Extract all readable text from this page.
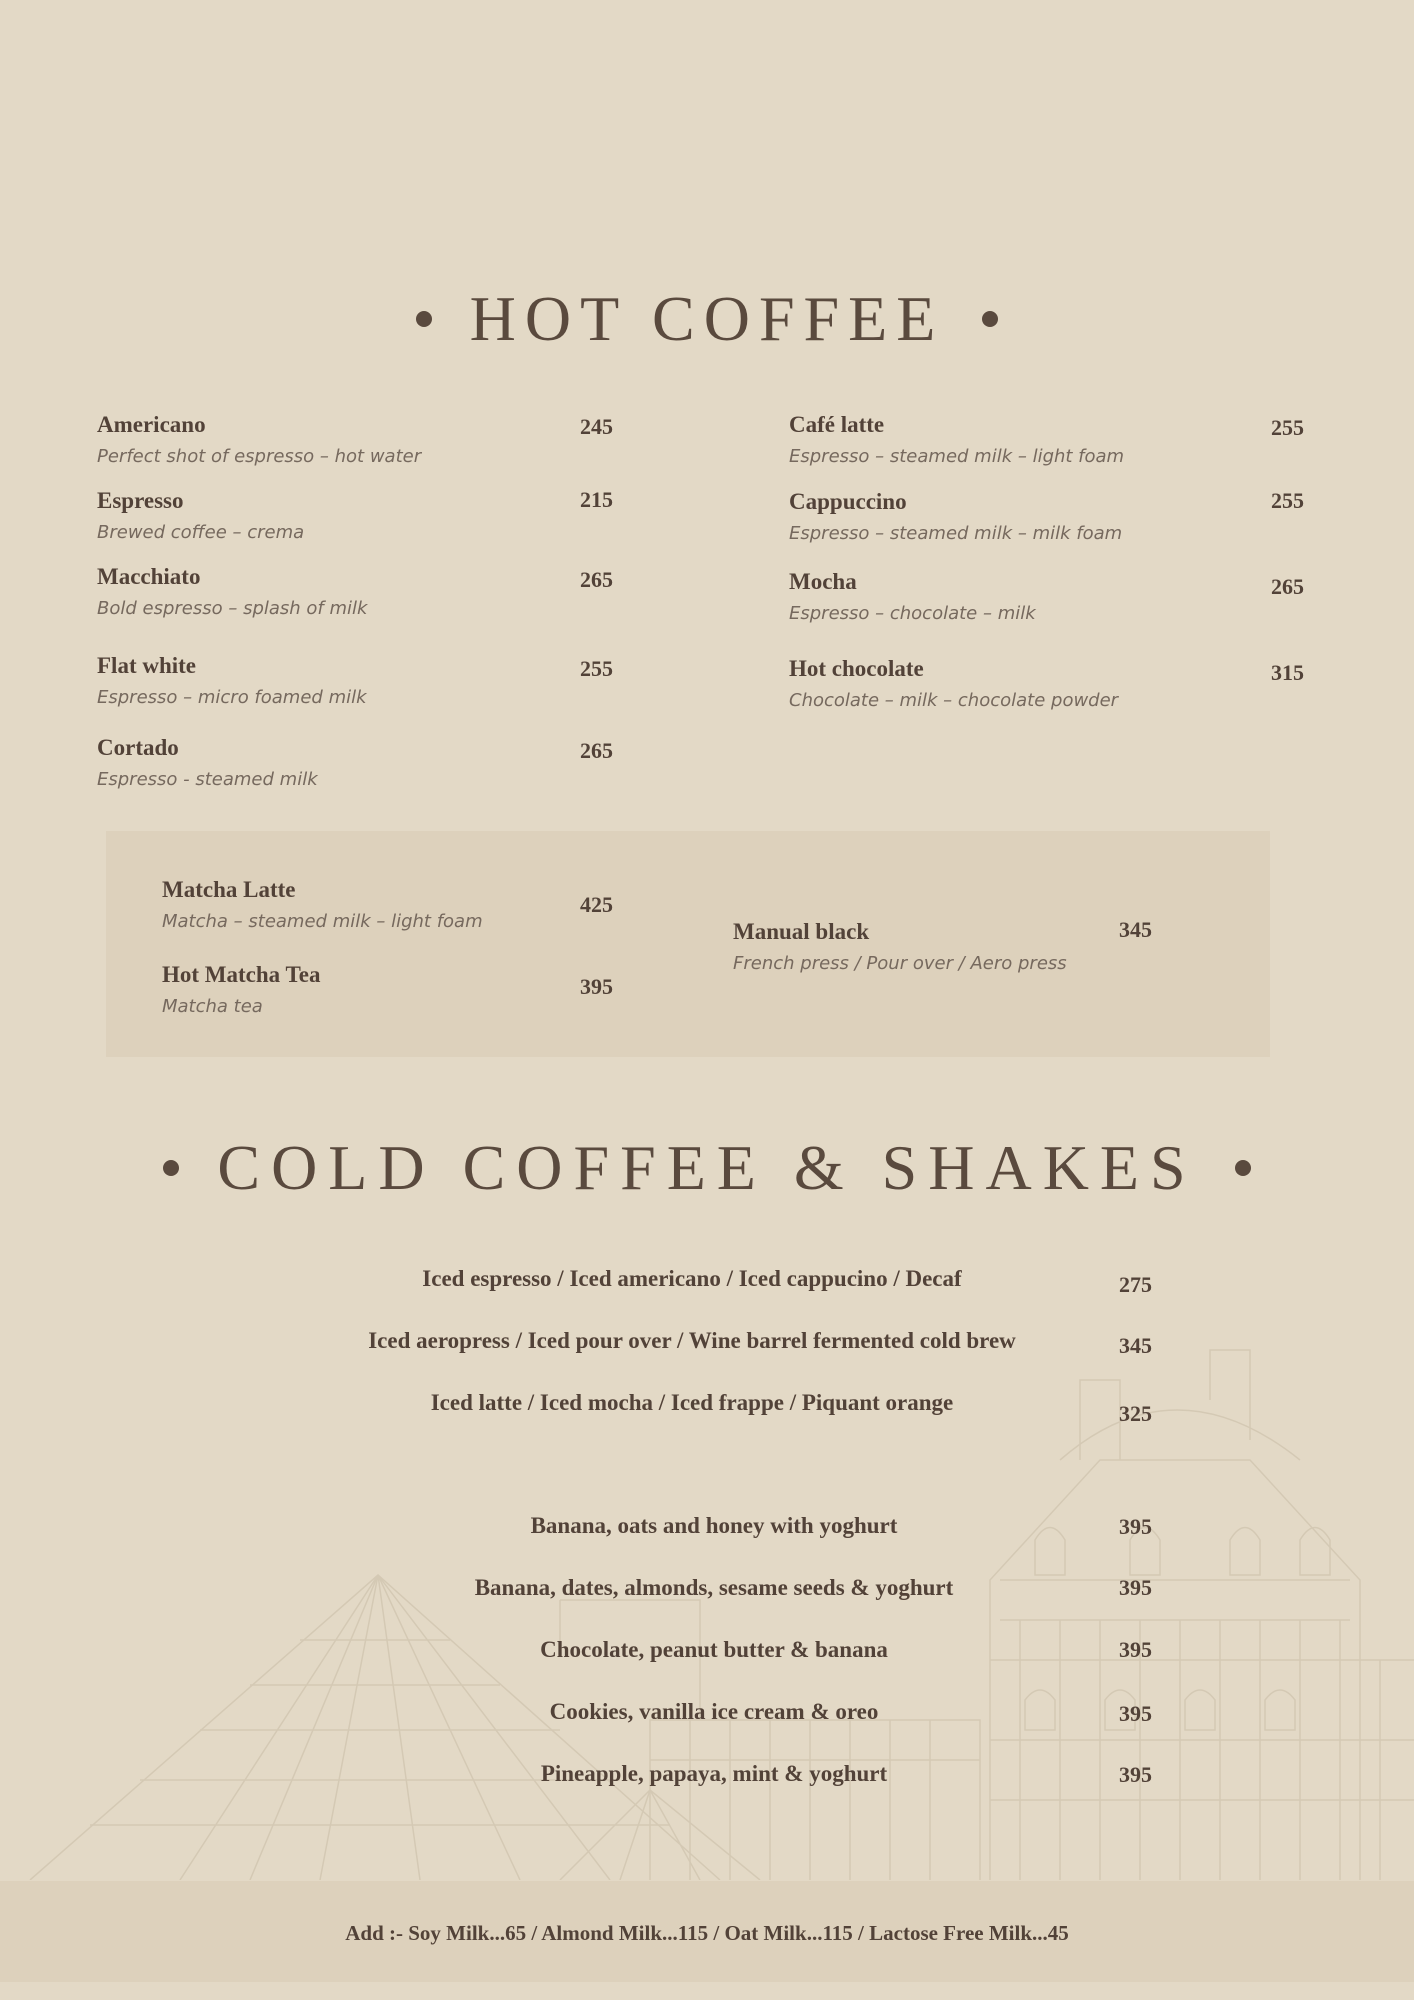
HOT COFFEE
Americano
Perfect shot of espresso – hot water
245
Espresso
Brewed coffee – crema
215
Macchiato
Bold espresso – splash of milk
265
Flat white
Espresso – micro foamed milk
255
Cortado
Espresso - steamed milk
265
Café latte
Espresso – steamed milk – light foam
255
Cappuccino
Espresso – steamed milk – milk foam
255
Mocha
Espresso – chocolate – milk
265
Hot chocolate
Chocolate – milk – chocolate powder
315
Matcha Latte
Matcha – steamed milk – light foam
425
Hot Matcha Tea
Matcha tea
395
Manual black
French press / Pour over / Aero press
345
COLD COFFEE & SHAKES
Iced espresso / Iced americano / Iced cappucino / Decaf	275
Iced aeropress / Iced pour over / Wine barrel fermented cold brew	345
Iced latte / Iced mocha / Iced frappe / Piquant orange	325
Banana, oats and honey with yoghurt	395
Banana, dates, almonds, sesame seeds & yoghurt	395
Chocolate, peanut butter & banana	395
Cookies, vanilla ice cream & oreo	395
Pineapple, papaya, mint & yoghurt	395
Add :- Soy Milk...65 / Almond Milk...115 / Oat Milk...115 / Lactose Free Milk...45
